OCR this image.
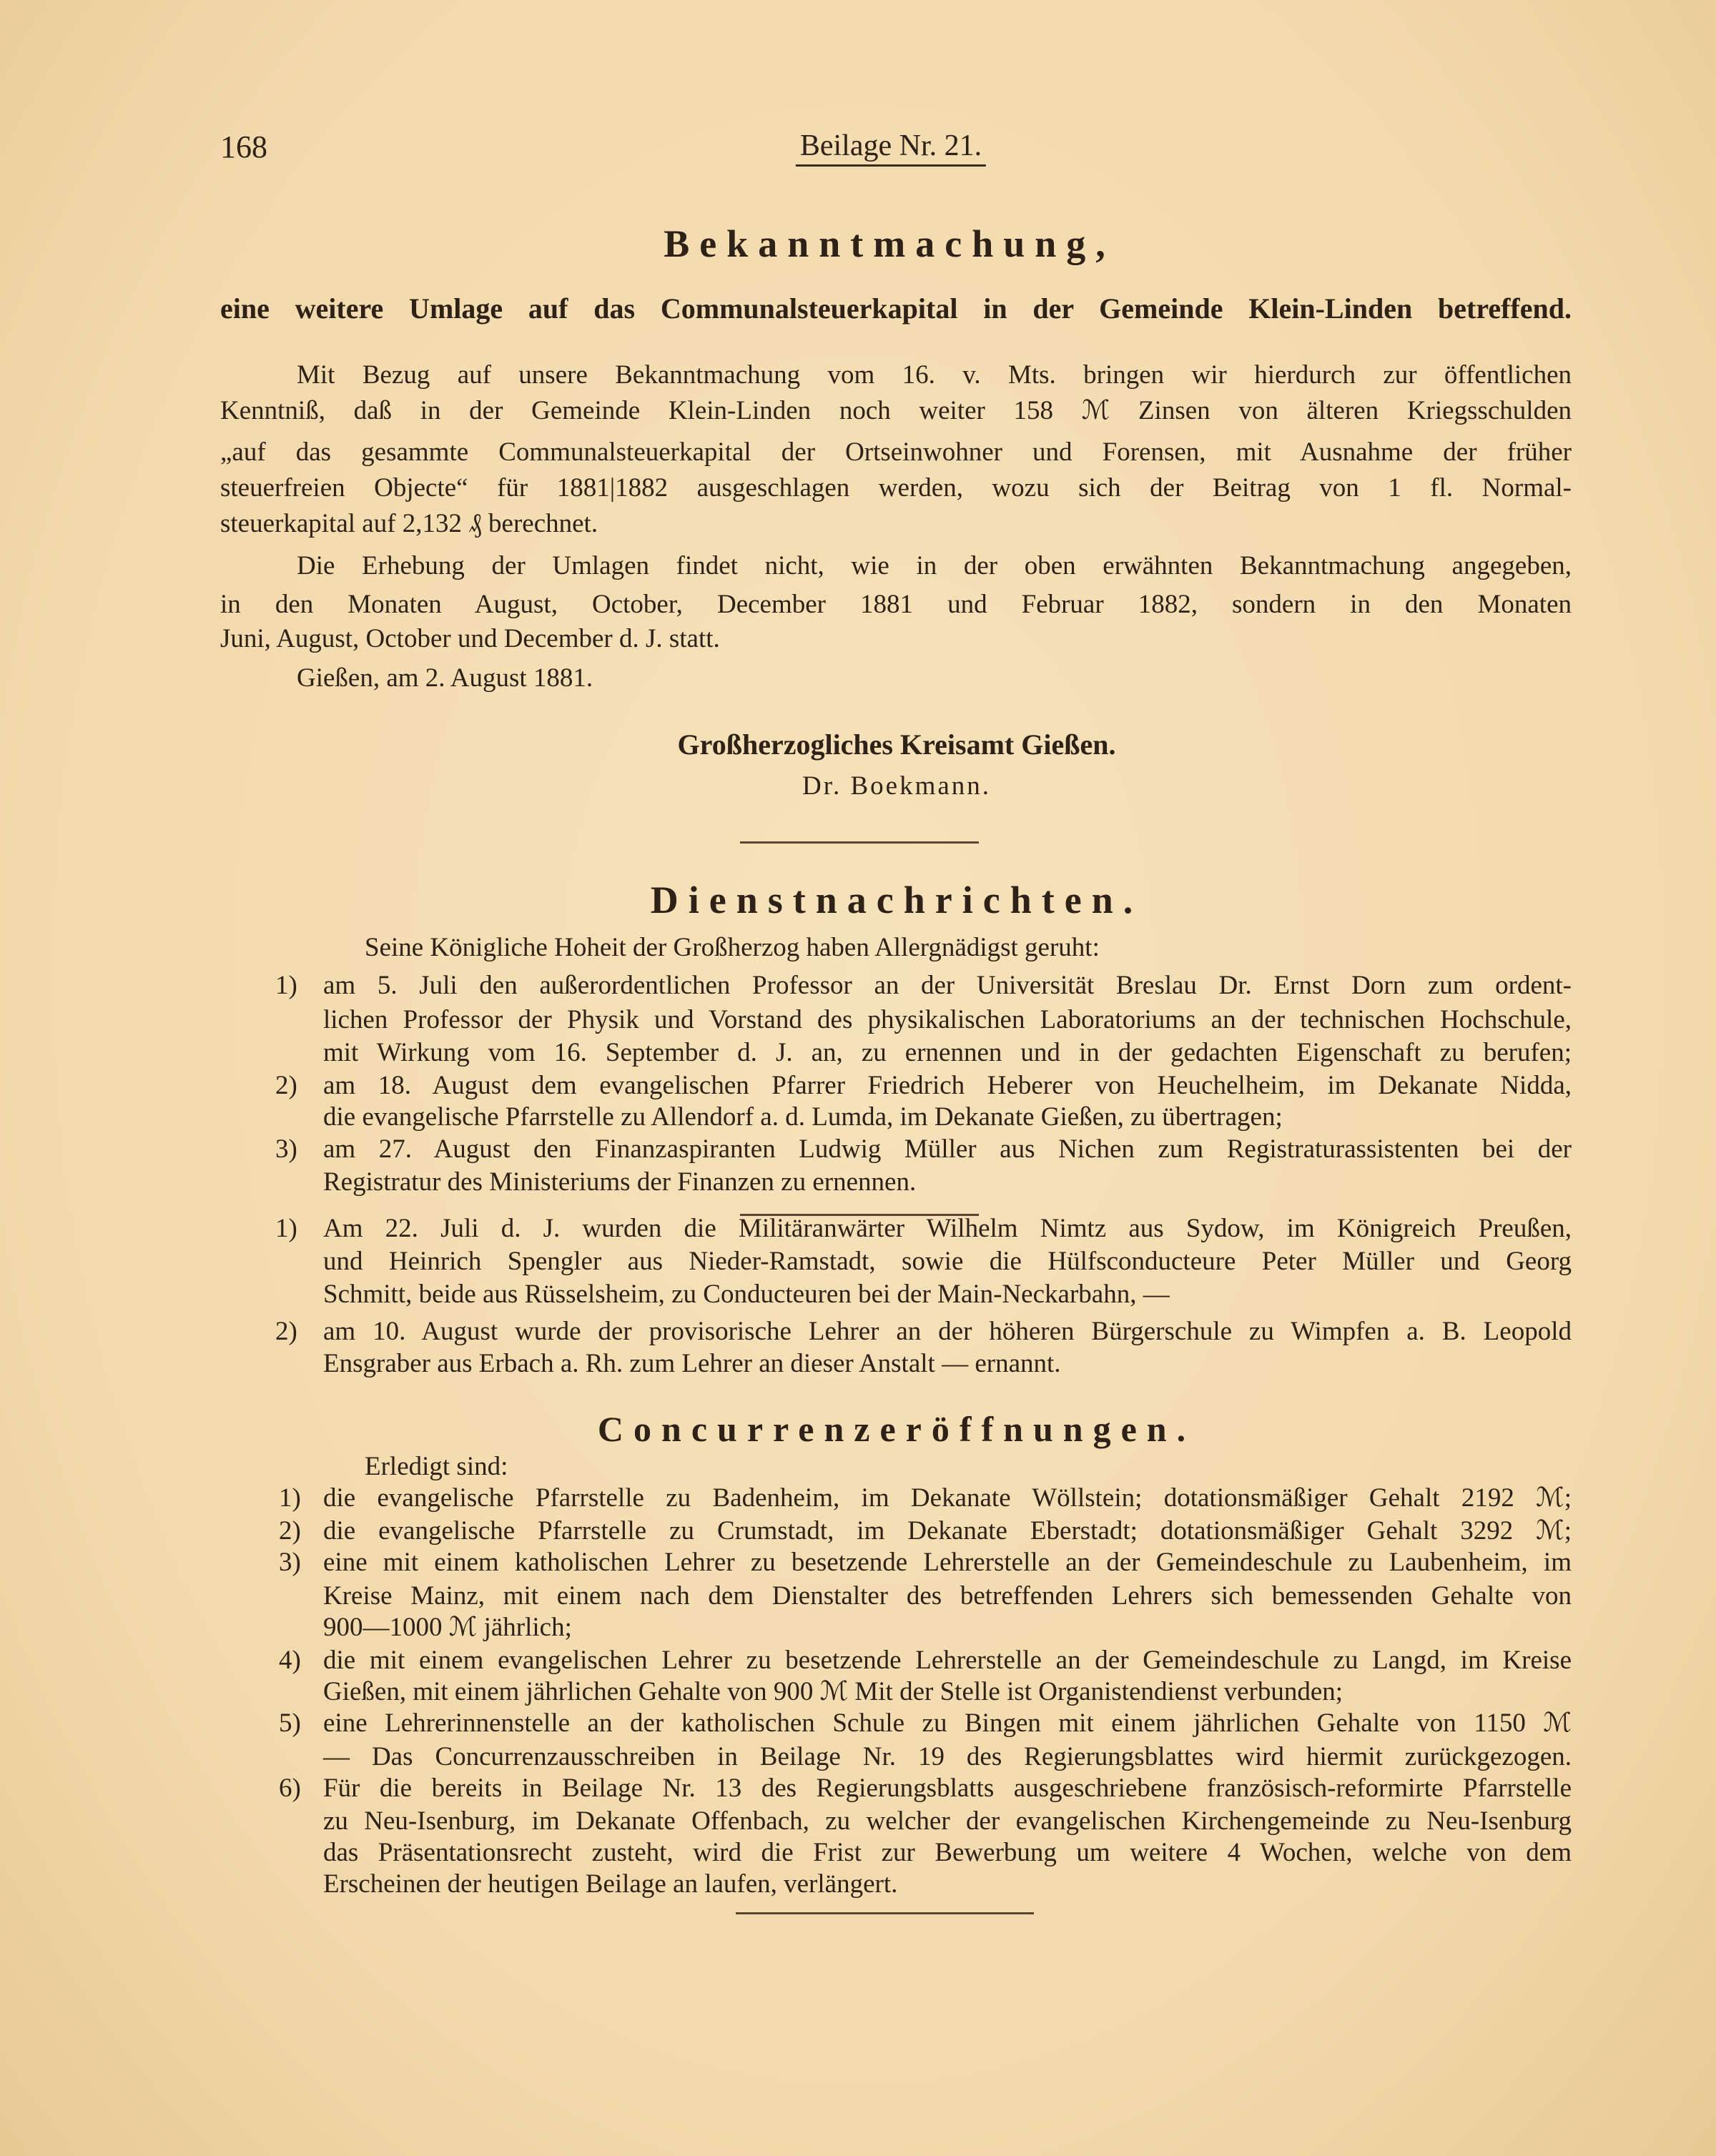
168	Beilage Nr. 21.
Bekanntmachung,
eine weitere Umlage auf das Communalsteuerkapital in der Gemeinde Klein-Linden betreffend.
Mit Bezug auf unsere Bekanntmachung vom 16. v. Mts. bringen wir hierdurch zur öffentlichen
Kenntniß, daß in der Gemeinde Klein-Linden noch weiter 158 ℳ Zinsen von älteren Kriegsschulden
„auf das gesammte Communalsteuerkapital der Ortseinwohner und Forensen, mit Ausnahme der früher
steuerfreien Objecte“ für 1881|1882 ausgeschlagen werden, wozu sich der Beitrag von 1 fl. Normal-
steuerkapital auf 2,132 ₰ berechnet.
Die Erhebung der Umlagen findet nicht, wie in der oben erwähnten Bekanntmachung angegeben,
in den Monaten August, October, December 1881 und Februar 1882, sondern in den Monaten
Juni, August, October und December d. J. statt.
Gießen, am 2. August 1881.
Großherzogliches Kreisamt Gießen.
Dr. Boekmann.
Dienstnachrichten.
Seine Königliche Hoheit der Großherzog haben Allergnädigst geruht:
1) am 5. Juli den außerordentlichen Professor an der Universität Breslau Dr. Ernst Dorn zum ordent-
lichen Professor der Physik und Vorstand des physikalischen Laboratoriums an der technischen Hochschule,
mit Wirkung vom 16. September d. J. an, zu ernennen und in der gedachten Eigenschaft zu berufen;
2) am 18. August dem evangelischen Pfarrer Friedrich Heberer von Heuchelheim, im Dekanate Nidda,
die evangelische Pfarrstelle zu Allendorf a. d. Lumda, im Dekanate Gießen, zu übertragen;
3) am 27. August den Finanzaspiranten Ludwig Müller aus Nichen zum Registraturassistenten bei der
Registratur des Ministeriums der Finanzen zu ernennen.
1) Am 22. Juli d. J. wurden die Militäranwärter Wilhelm Nimtz aus Sydow, im Königreich Preußen,
und Heinrich Spengler aus Nieder-Ramstadt, sowie die Hülfsconducteure Peter Müller und Georg
Schmitt, beide aus Rüsselsheim, zu Conducteuren bei der Main-Neckarbahn, —
2) am 10. August wurde der provisorische Lehrer an der höheren Bürgerschule zu Wimpfen a. B. Leopold
Ensgraber aus Erbach a. Rh. zum Lehrer an dieser Anstalt — ernannt.
Concurrenzeröffnungen.
Erledigt sind:
1) die evangelische Pfarrstelle zu Badenheim, im Dekanate Wöllstein; dotationsmäßiger Gehalt 2192 ℳ;
2) die evangelische Pfarrstelle zu Crumstadt, im Dekanate Eberstadt; dotationsmäßiger Gehalt 3292 ℳ;
3) eine mit einem katholischen Lehrer zu besetzende Lehrerstelle an der Gemeindeschule zu Laubenheim, im
Kreise Mainz, mit einem nach dem Dienstalter des betreffenden Lehrers sich bemessenden Gehalte von
900—1000 ℳ jährlich;
4) die mit einem evangelischen Lehrer zu besetzende Lehrerstelle an der Gemeindeschule zu Langd, im Kreise
Gießen, mit einem jährlichen Gehalte von 900 ℳ Mit der Stelle ist Organistendienst verbunden;
5) eine Lehrerinnenstelle an der katholischen Schule zu Bingen mit einem jährlichen Gehalte von 1150 ℳ
— Das Concurrenzausschreiben in Beilage Nr. 19 des Regierungsblattes wird hiermit zurückgezogen.
6) Für die bereits in Beilage Nr. 13 des Regierungsblatts ausgeschriebene französisch-reformirte Pfarrstelle
zu Neu-Isenburg, im Dekanate Offenbach, zu welcher der evangelischen Kirchengemeinde zu Neu-Isenburg
das Präsentationsrecht zusteht, wird die Frist zur Bewerbung um weitere 4 Wochen, welche von dem
Erscheinen der heutigen Beilage an laufen, verlängert.
